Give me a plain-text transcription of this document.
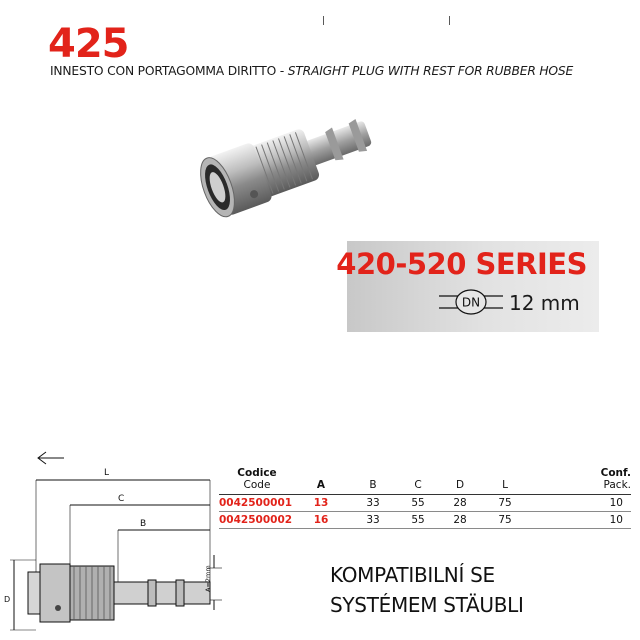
425
INNESTO CON PORTAGOMMA DIRITTO - STRAIGHT PLUG WITH REST FOR RUBBER HOSE
|	|
420-520 SERIES
DN 12 mm
L
C
B
A=2mm
D
Codice
Code	A	B	C	D	L	Conf.
Pack.
0042500001	13	33	55	28	75	10
0042500002	16	33	55	28	75	10
KOMPATIBILNÍ SE
SYSTÉMEM STÄUBLI
